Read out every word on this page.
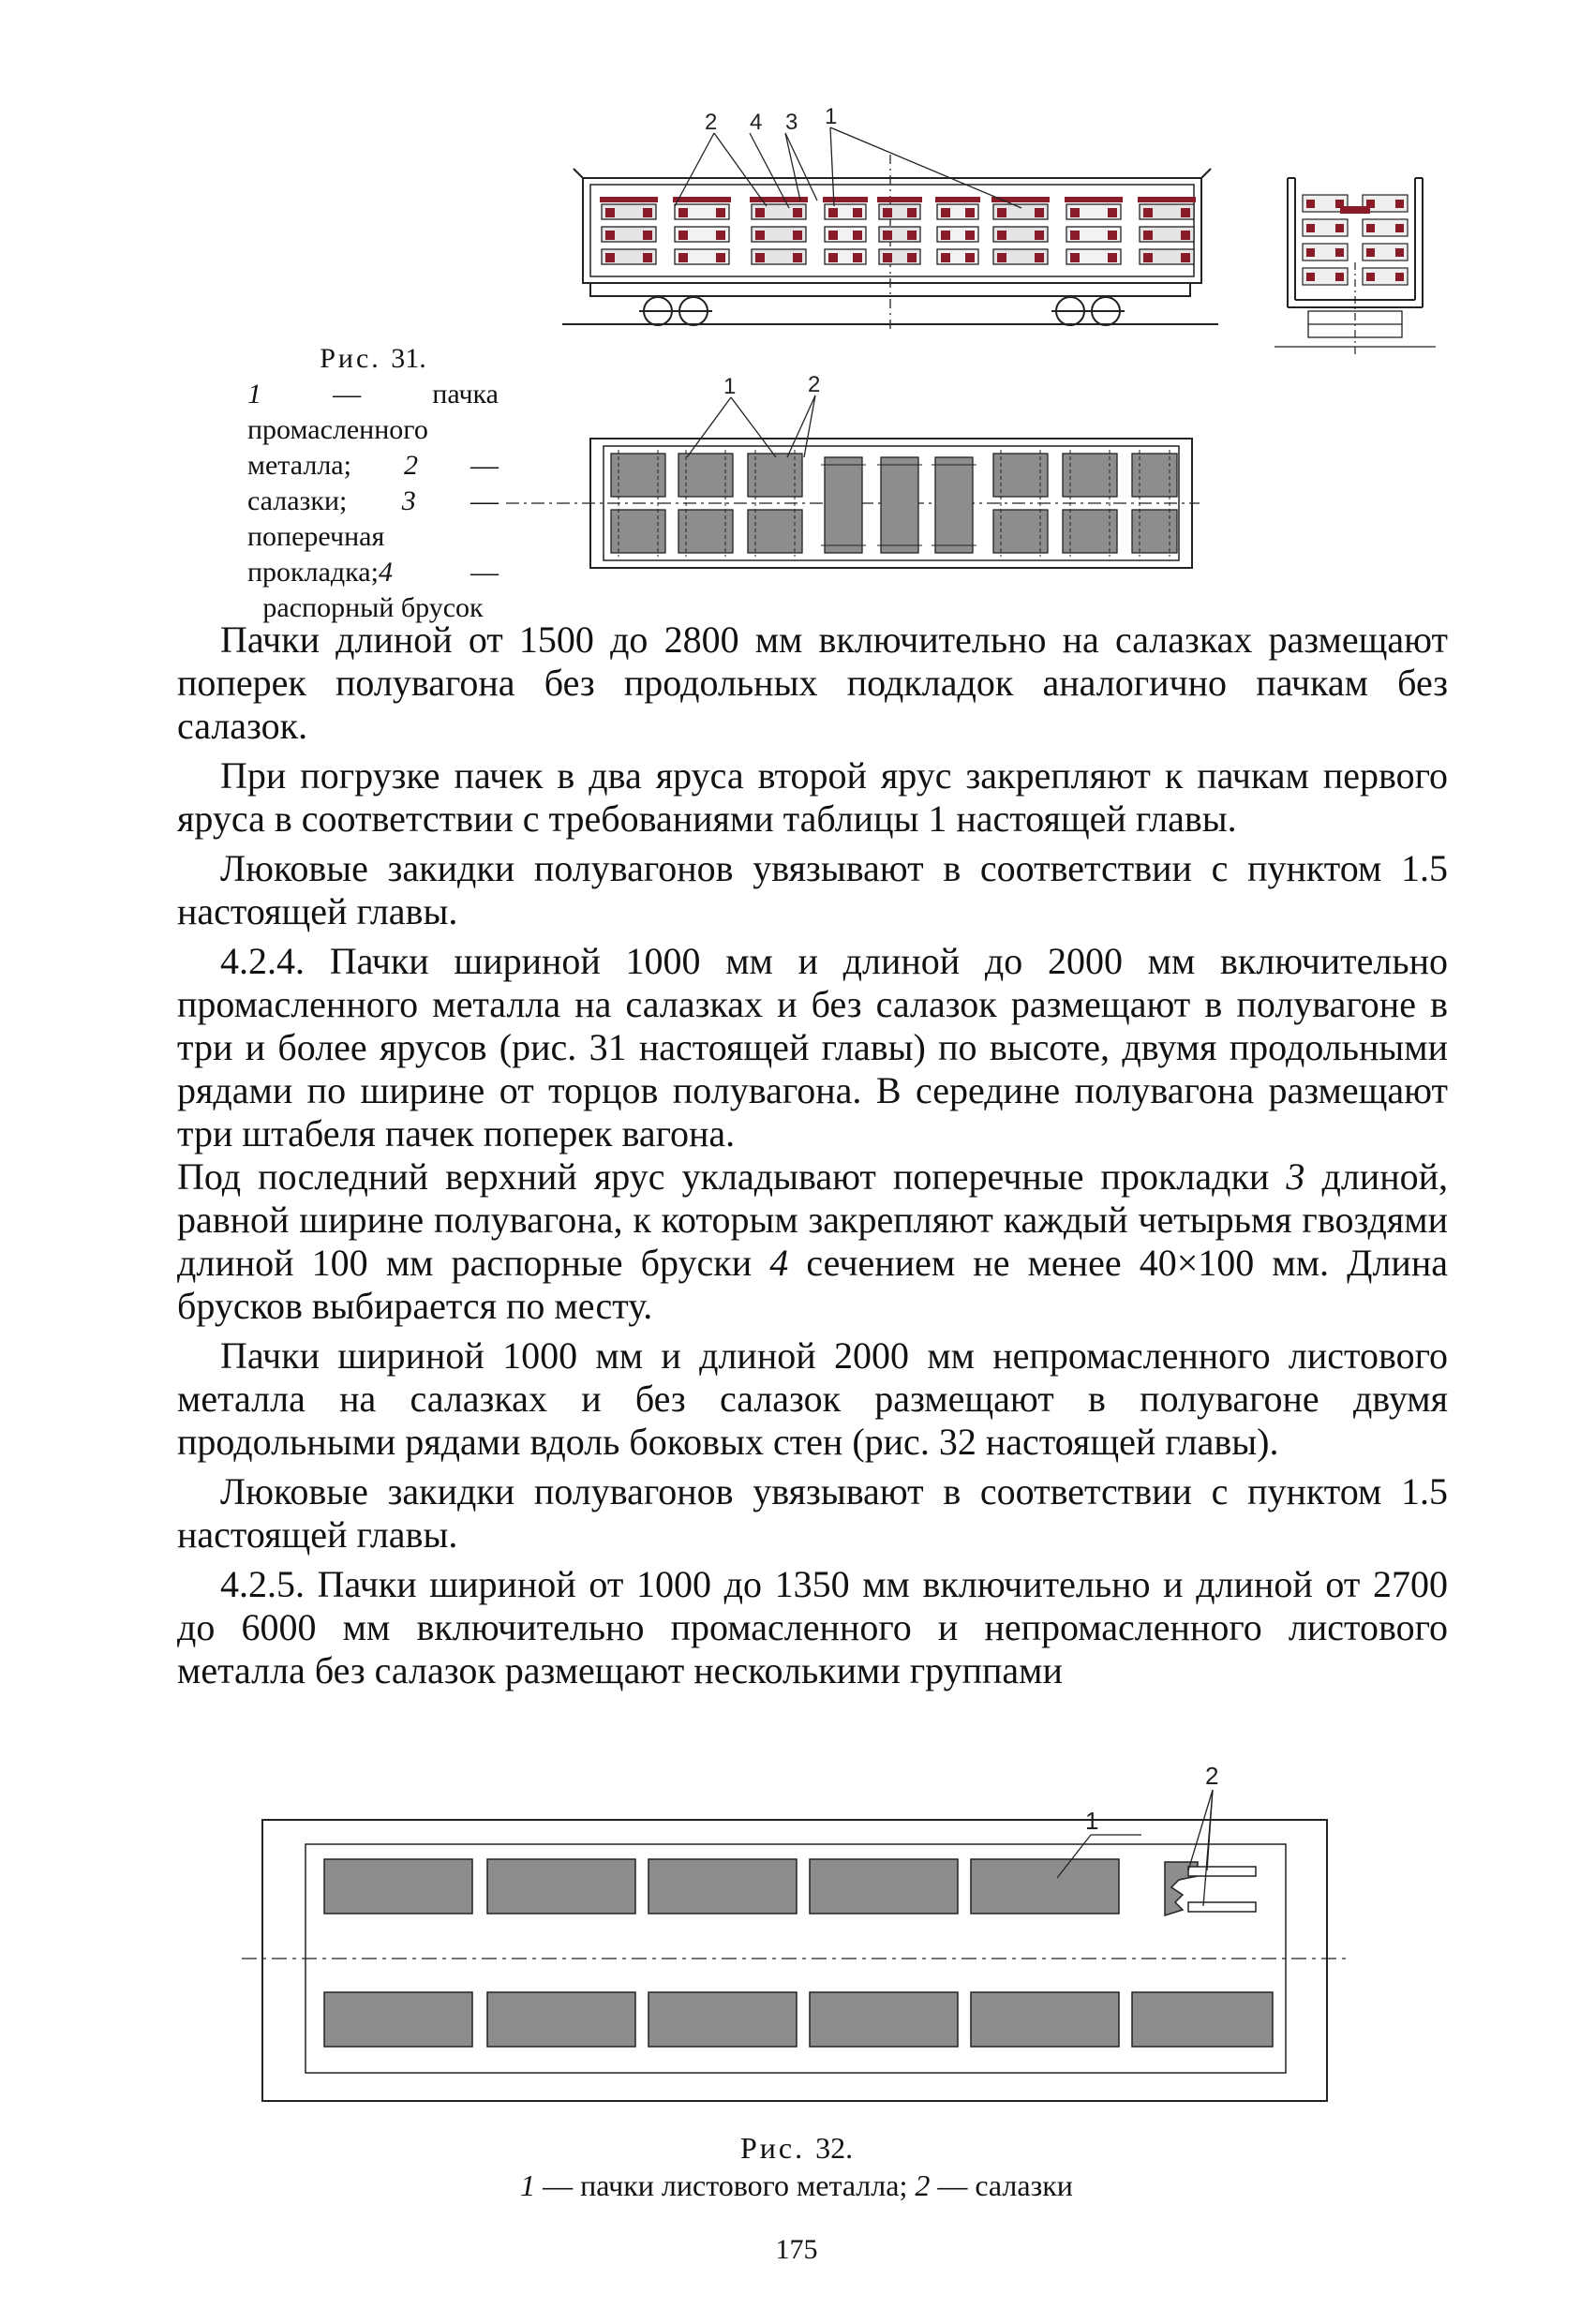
2 4 3 1
1	2
Рис. 31.
1 — пачка промасленного металла; 2 — салазки; 3 — поперечная прокладка;4 — распорный брусок

Пачки длиной от 1500 до 2800 мм включительно на салазках размещают поперек полувагона без продольных подкладок аналогично пачкам без салазок.

При погрузке пачек в два яруса второй ярус закрепляют к пачкам первого яруса в соответствии с требованиями таблицы 1 настоящей главы.

Люковые закидки полувагонов увязывают в соответствии с пунктом 1.5 настоящей главы.

4.2.4. Пачки шириной 1000 мм и длиной до 2000 мм включительно промасленного металла на салазках и без салазок размещают в полувагоне в три и более ярусов (рис. 31 настоящей главы) по высоте, двумя продольными рядами по ширине от торцов полувагона. В середине полувагона размещают три штабеля пачек поперек вагона.

Под последний верхний ярус укладывают поперечные прокладки 3 длиной, равной ширине полувагона, к которым закрепляют каждый четырьмя гвоздями длиной 100 мм распорные бруски 4 сечением не менее 40×100 мм. Длина брусков выбирается по месту.

Пачки шириной 1000 мм и длиной 2000 мм непромасленного листового металла на салазках и без салазок размещают в полувагоне двумя продольными рядами вдоль боковых стен (рис. 32 настоящей главы).

Люковые закидки полувагонов увязывают в соответствии с пунктом 1.5 настоящей главы.

4.2.5. Пачки шириной от 1000 до 1350 мм включительно и длиной от 2700 до 6000 мм включительно промасленного и непромасленного листового металла без салазок размещают несколькими группами

1
2
Рис. 32.
1 — пачки листового металла; 2 — салазки
175
